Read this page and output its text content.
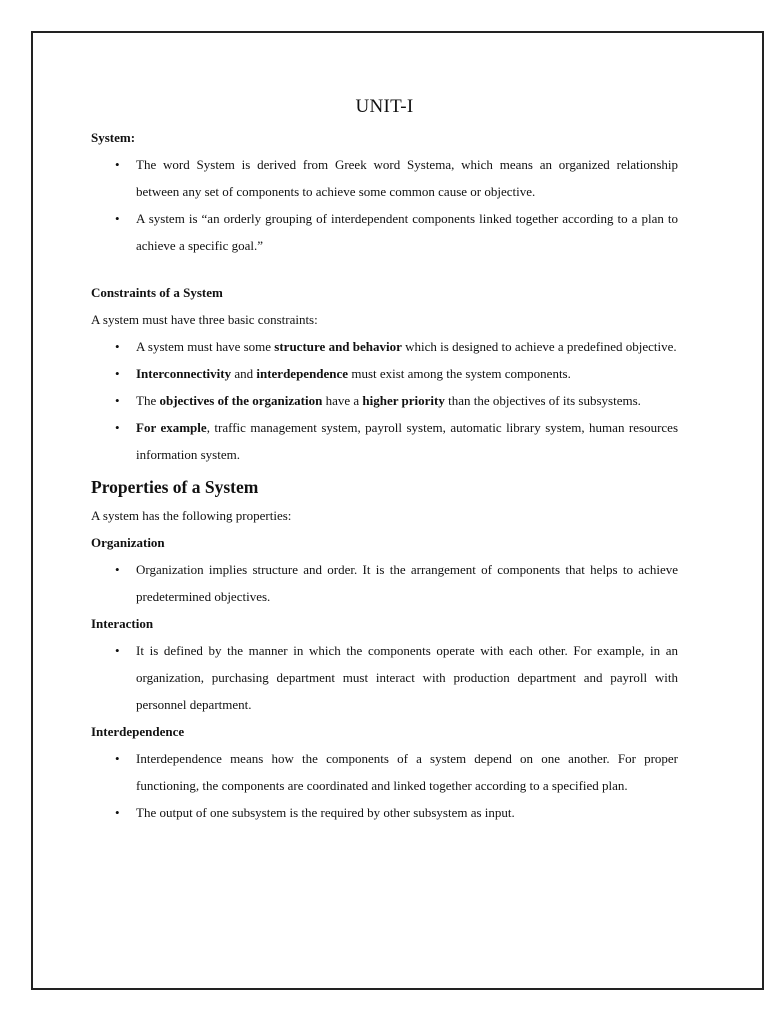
UNIT-I
System:
• The word System is derived from Greek word Systema, which means an organized relationship between any set of components to achieve some common cause or objective.
• A system is “an orderly grouping of interdependent components linked together according to a plan to achieve a specific goal.”
Constraints of a System

A system must have three basic constraints:

• A system must have some structure and behavior which is designed to achieve a predefined objective.
• Interconnectivity and interdependence must exist among the system components.
• The objectives of the organization have a higher priority than the objectives of its subsystems.
• For example, traffic management system, payroll system, automatic library system, human resources information system.
Properties of a System

A system has the following properties:

Organization
• Organization implies structure and order. It is the arrangement of components that helps to achieve predetermined objectives.
Interaction
• It is defined by the manner in which the components operate with each other. For example, in an organization, purchasing department must interact with production department and payroll with personnel department.
Interdependence
• Interdependence means how the components of a system depend on one another. For proper functioning, the components are coordinated and linked together according to a specified plan.
• The output of one subsystem is the required by other subsystem as input.
